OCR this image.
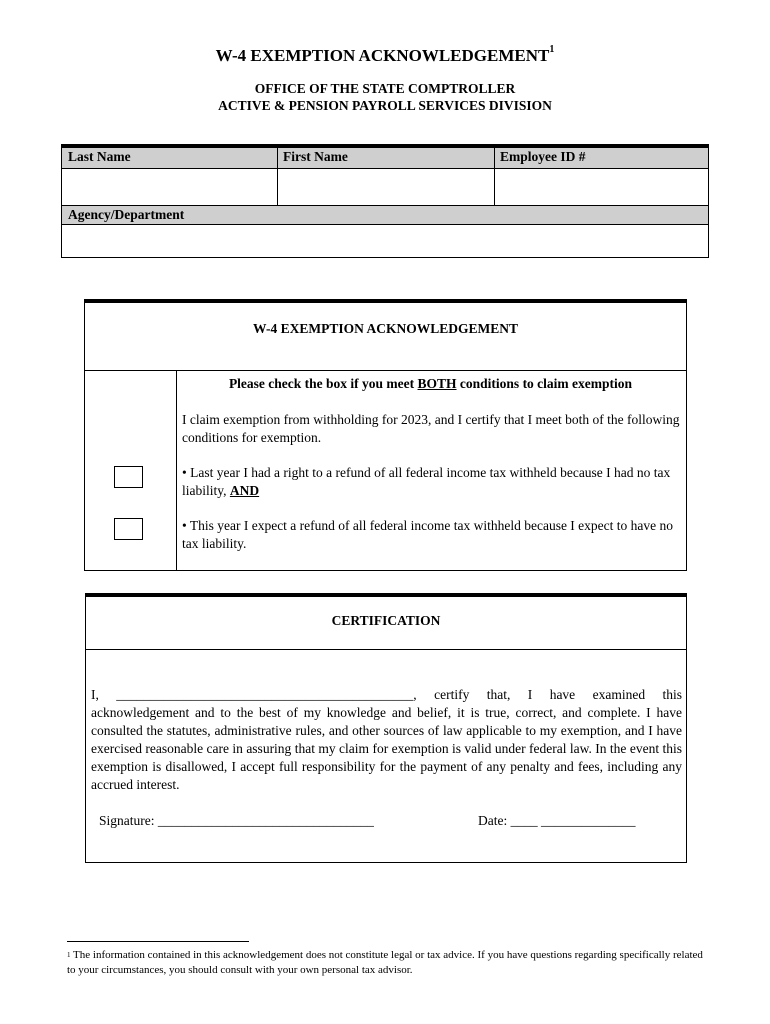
W-4 EXEMPTION ACKNOWLEDGEMENT$^1$
OFFICE OF THE STATE COMPTROLLER
ACTIVE & PENSION PAYROLL SERVICES DIVISION
Last Name	First Name	Employee ID #
Agency/Department
W-4 EXEMPTION ACKNOWLEDGEMENT
Please check the box if you meet BOTH conditions to claim exemption
I claim exemption from withholding for 2023, and I certify that I meet both of the following conditions for exemption.
• Last year I had a right to a refund of all federal income tax withheld because I had no tax liability, AND
• This year I expect a refund of all federal income tax withheld because I expect to have no tax liability.
CERTIFICATION
I, ____________________________________________, certify that, I have examined this acknowledgement and to the best of my knowledge and belief, it is true, correct, and complete. I have consulted the statutes, administrative rules, and other sources of law applicable to my exemption, and I have exercised reasonable care in assuring that my claim for exemption is valid under federal law. In the event this exemption is disallowed, I accept full responsibility for the payment of any penalty and fees, including any accrued interest.
Signature: ________________________________	Date: ____ ______________
$^1$ The information contained in this acknowledgement does not constitute legal or tax advice. If you have questions regarding specifically related to your circumstances, you should consult with your own personal tax advisor.
